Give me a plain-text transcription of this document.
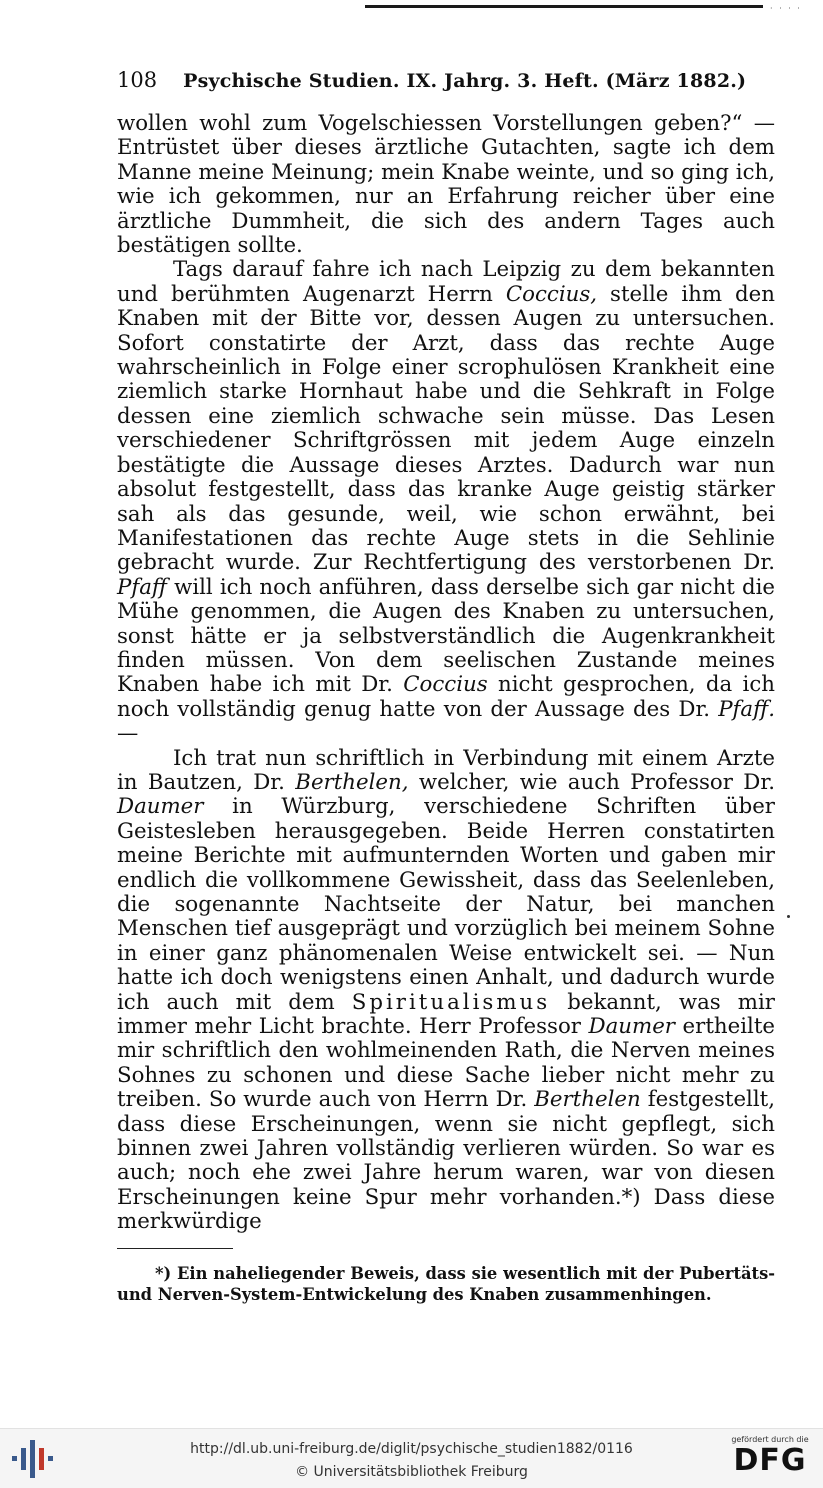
· · · ·
108 Psychische Studien. IX. Jahrg. 3. Heft. (März 1882.)

wollen wohl zum Vogelschiessen Vorstellungen geben?“ — Entrüstet über dieses ärztliche Gutachten, sagte ich dem Manne meine Meinung; mein Knabe weinte, und so ging ich, wie ich gekommen, nur an Erfahrung reicher über eine ärztliche Dummheit, die sich des andern Tages auch bestätigen sollte.

Tags darauf fahre ich nach Leipzig zu dem bekannten und berühmten Augenarzt Herrn Coccius, stelle ihm den Knaben mit der Bitte vor, dessen Augen zu untersuchen. Sofort constatirte der Arzt, dass das rechte Auge wahrscheinlich in Folge einer scrophulösen Krankheit eine ziemlich starke Hornhaut habe und die Sehkraft in Folge dessen eine ziemlich schwache sein müsse. Das Lesen verschiedener Schriftgrössen mit jedem Auge einzeln bestätigte die Aussage dieses Arztes. Dadurch war nun absolut festgestellt, dass das kranke Auge geistig stärker sah als das gesunde, weil, wie schon erwähnt, bei Manifestationen das rechte Auge stets in die Sehlinie gebracht wurde. Zur Rechtfertigung des verstorbenen Dr. Pfaff will ich noch anführen, dass derselbe sich gar nicht die Mühe genommen, die Augen des Knaben zu untersuchen, sonst hätte er ja selbstverständlich die Augenkrankheit finden müssen. Von dem seelischen Zustande meines Knaben habe ich mit Dr. Coccius nicht gesprochen, da ich noch vollständig genug hatte von der Aussage des Dr. Pfaff. —

Ich trat nun schriftlich in Verbindung mit einem Arzte in Bautzen, Dr. Berthelen, welcher, wie auch Professor Dr. Daumer in Würzburg, verschiedene Schriften über Geistesleben herausgegeben. Beide Herren constatirten meine Berichte mit aufmunternden Worten und gaben mir endlich die vollkommene Gewissheit, dass das Seelenleben, die sogenannte Nachtseite der Natur, bei manchen Menschen tief ausgeprägt und vorzüglich bei meinem Sohne in einer ganz phänomenalen Weise entwickelt sei. — Nun hatte ich doch wenigstens einen Anhalt, und dadurch wurde ich auch mit dem Spiritualismus bekannt, was mir immer mehr Licht brachte. Herr Professor Daumer ertheilte mir schriftlich den wohlmeinenden Rath, die Nerven meines Sohnes zu schonen und diese Sache lieber nicht mehr zu treiben. So wurde auch von Herrn Dr. Berthelen festgestellt, dass diese Erscheinungen, wenn sie nicht gepflegt, sich binnen zwei Jahren vollständig verlieren würden. So war es auch; noch ehe zwei Jahre herum waren, war von diesen Erscheinungen keine Spur mehr vorhanden.*) Dass diese merkwürdige

*) Ein naheliegender Beweis, dass sie wesentlich mit der Pubertäts- und Nerven-System-Entwickelung des Knaben zusammenhingen.
http://dl.ub.uni-freiburg.de/diglit/psychische_studien1882/0116
© Universitätsbibliothek Freiburg
gefördert durch die
DFG
